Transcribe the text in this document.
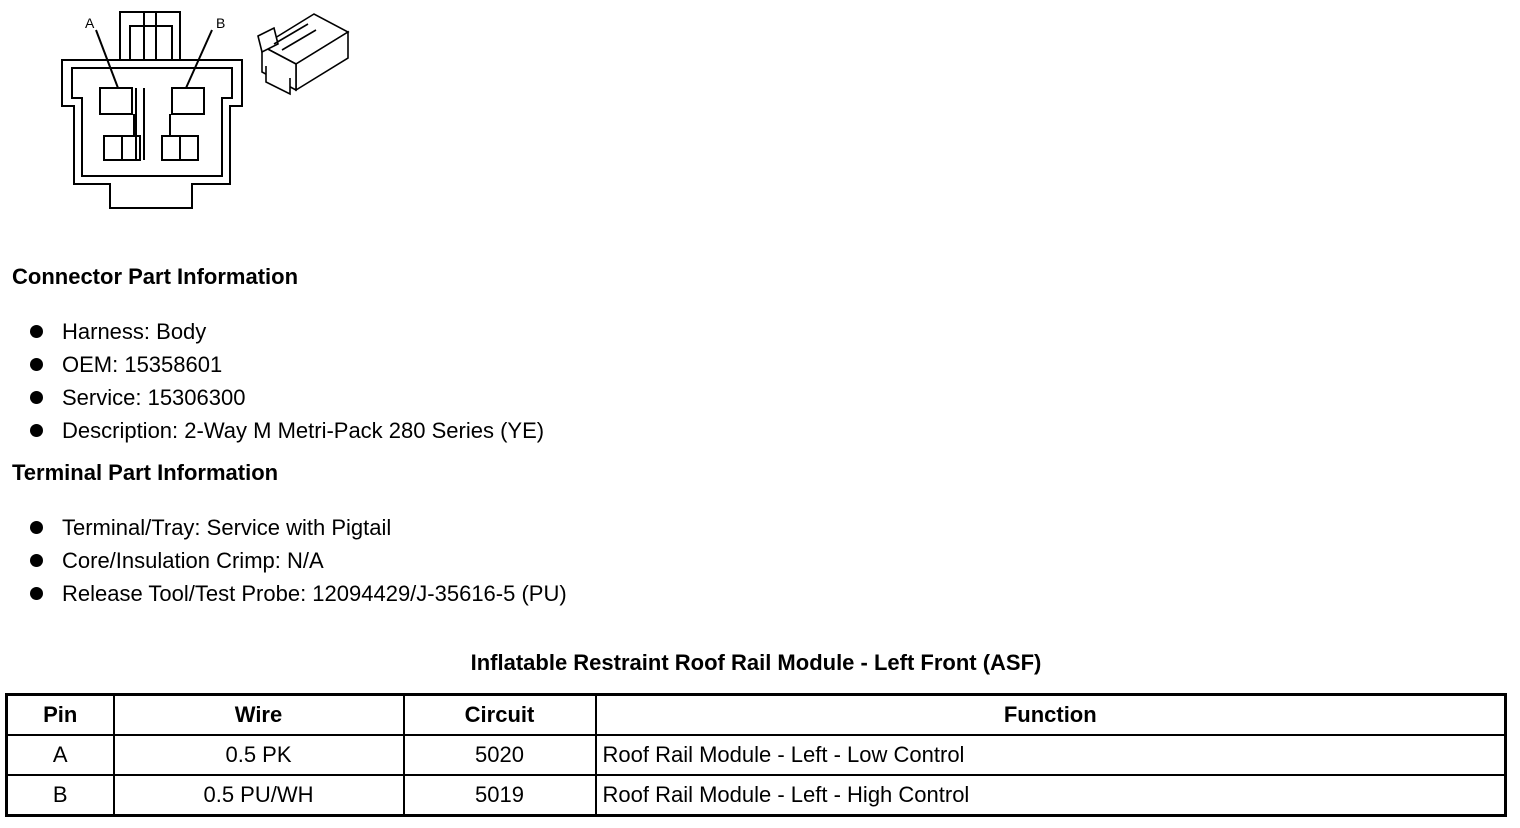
A	B
Connector Part Information
Harness: Body
OEM: 15358601
Service: 15306300
Description: 2-Way M Metri-Pack 280 Series (YE)
Terminal Part Information
Terminal/Tray: Service with Pigtail
Core/Insulation Crimp: N/A
Release Tool/Test Probe: 12094429/J-35616-5 (PU)
Inflatable Restraint Roof Rail Module - Left Front (ASF)
Pin	Wire	Circuit	Function
A	0.5 PK	5020	Roof Rail Module - Left - Low Control
B	0.5 PU/WH	5019	Roof Rail Module - Left - High Control
